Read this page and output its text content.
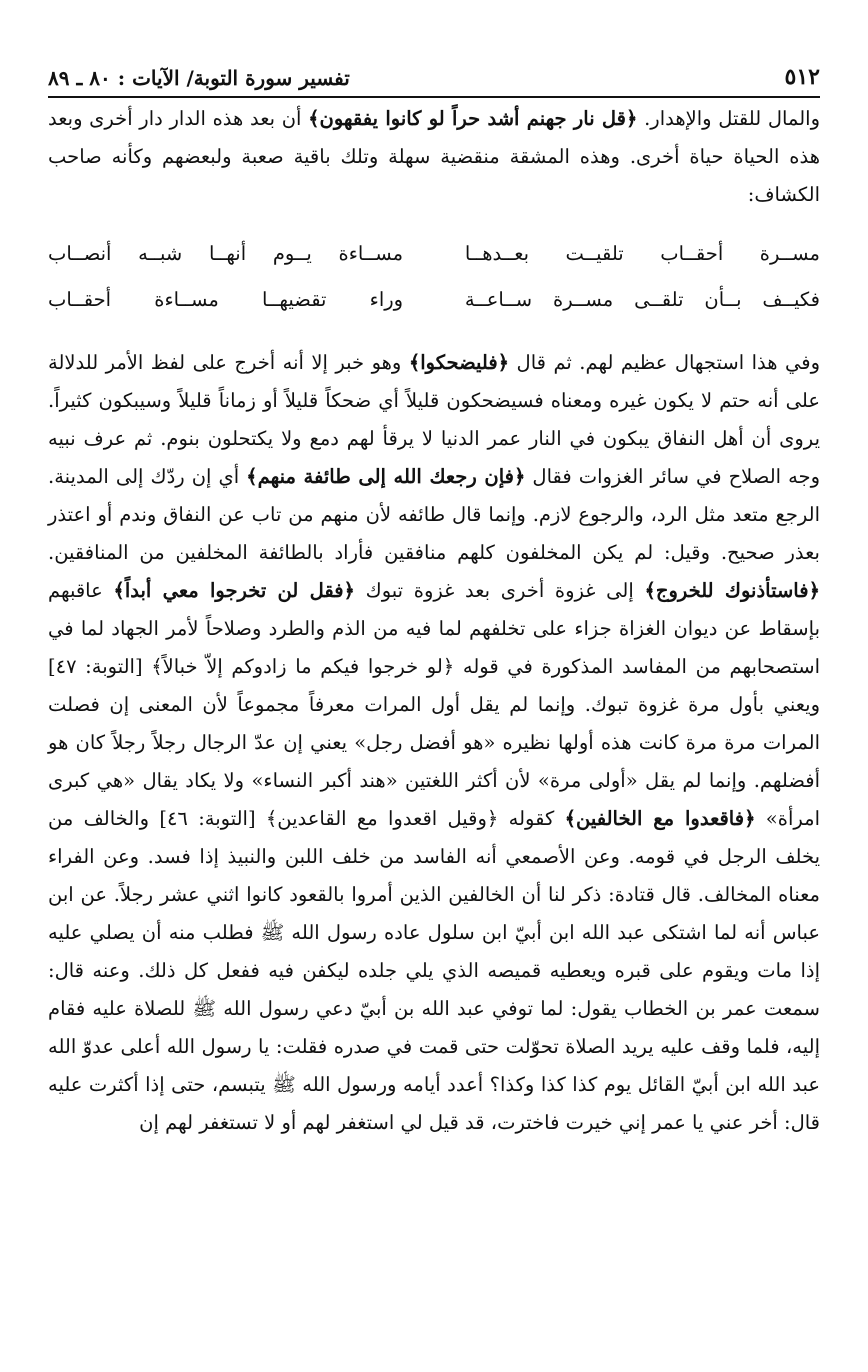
٥١٢
تفسير سورة التوبة/ الآيات : ٨٠ ـ ٨٩
والمال للقتل والإهدار. ﴿قل نار جهنم أشد حراً لو كانوا يفقهون﴾ أن بعد هذه الدار دار أخرى وبعد هذه الحياة حياة أخرى. وهذه المشقة منقضية سهلة وتلك باقية صعبة ولبعضهم وكأنه صاحب الكشاف:
مســرة أحقــاب تلقيــت بعــدهــا
مســاءة يــوم أنهــا شبــه أنصــاب
فكيــف بــأن تلقــى مســرة ســاعــة
وراء تقضيهــا مســاءة أحقــاب
وفي هذا استجهال عظيم لهم. ثم قال ﴿فليضحكوا﴾ وهو خبر إلا أنه أخرج على لفظ الأمر للدلالة على أنه حتم لا يكون غيره ومعناه فسيضحكون قليلاً أي ضحكاً قليلاً أو زماناً قليلاً وسيبكون كثيراً. يروى أن أهل النفاق يبكون في النار عمر الدنيا لا يرقأ لهم دمع ولا يكتحلون بنوم. ثم عرف نبيه وجه الصلاح في سائر الغزوات فقال ﴿فإن رجعك الله إلى طائفة منهم﴾ أي إن ردّك إلى المدينة. الرجع متعد مثل الرد، والرجوع لازم. وإنما قال طائفه لأن منهم من تاب عن النفاق وندم أو اعتذر بعذر صحيح. وقيل: لم يكن المخلفون كلهم منافقين فأراد بالطائفة المخلفين من المنافقين. ﴿فاستأذنوك للخروج﴾ إلى غزوة أخرى بعد غزوة تبوك ﴿فقل لن تخرجوا معي أبداً﴾ عاقبهم بإسقاط عن ديوان الغزاة جزاء على تخلفهم لما فيه من الذم والطرد وصلاحاً لأمر الجهاد لما في استصحابهم من المفاسد المذكورة في قوله ﴿لو خرجوا فيكم ما زادوكم إلاّ خبالاً﴾ [التوبة: ٤٧] ويعني بأول مرة غزوة تبوك. وإنما لم يقل أول المرات معرفاً مجموعاً لأن المعنى إن فصلت المرات مرة مرة كانت هذه أولها نظيره «هو أفضل رجل» يعني إن عدّ الرجال رجلاً رجلاً كان هو أفضلهم. وإنما لم يقل «أولى مرة» لأن أكثر اللغتين «هند أكبر النساء» ولا يكاد يقال «هي كبرى امرأة» ﴿فاقعدوا مع الخالفين﴾ كقوله ﴿وقيل اقعدوا مع القاعدين﴾ [التوبة: ٤٦] والخالف من يخلف الرجل في قومه. وعن الأصمعي أنه الفاسد من خلف اللبن والنبيذ إذا فسد. وعن الفراء معناه المخالف. قال قتادة: ذكر لنا أن الخالفين الذين أمروا بالقعود كانوا اثني عشر رجلاً. عن ابن عباس أنه لما اشتكى عبد الله ابن أبيّ ابن سلول عاده رسول الله ﷺ فطلب منه أن يصلي عليه إذا مات ويقوم على قبره ويعطيه قميصه الذي يلي جلده ليكفن فيه ففعل كل ذلك. وعنه قال: سمعت عمر بن الخطاب يقول: لما توفي عبد الله بن أبيّ دعي رسول الله ﷺ للصلاة عليه فقام إليه، فلما وقف عليه يريد الصلاة تحوّلت حتى قمت في صدره فقلت: يا رسول الله أعلى عدوّ الله عبد الله ابن أبيّ القائل يوم كذا كذا وكذا؟ أعدد أيامه ورسول الله ﷺ يتبسم، حتى إذا أكثرت عليه قال: أخر عني يا عمر إني خيرت فاخترت، قد قيل لي استغفر لهم أو لا تستغفر لهم إن
